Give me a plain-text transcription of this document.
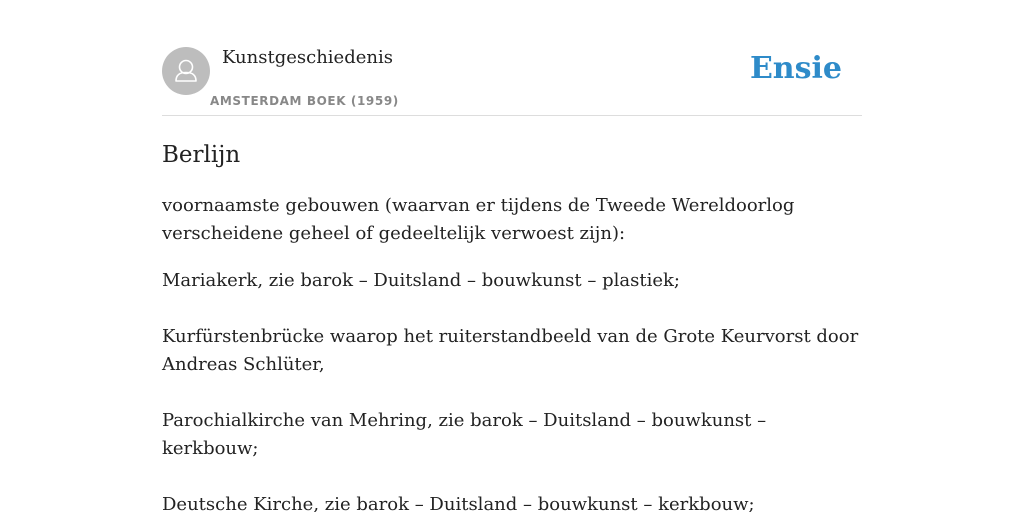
Kunstgeschiedenis
AMSTERDAM BOEK (1959)
Ensie
Berlijn

voornaamste gebouwen (waarvan er tijdens de Tweede Wereldoorlog verscheidene geheel of gedeeltelijk verwoest zijn):

Mariakerk, zie barok – Duitsland – bouwkunst – plastiek;

Kurfürstenbrücke waarop het ruiterstandbeeld van de Grote Keurvorst door Andreas Schlüter,

Parochialkirche van Mehring, zie barok – Duitsland – bouwkunst – kerkbouw;

Deutsche Kirche, zie barok – Duitsland – bouwkunst – kerkbouw;
